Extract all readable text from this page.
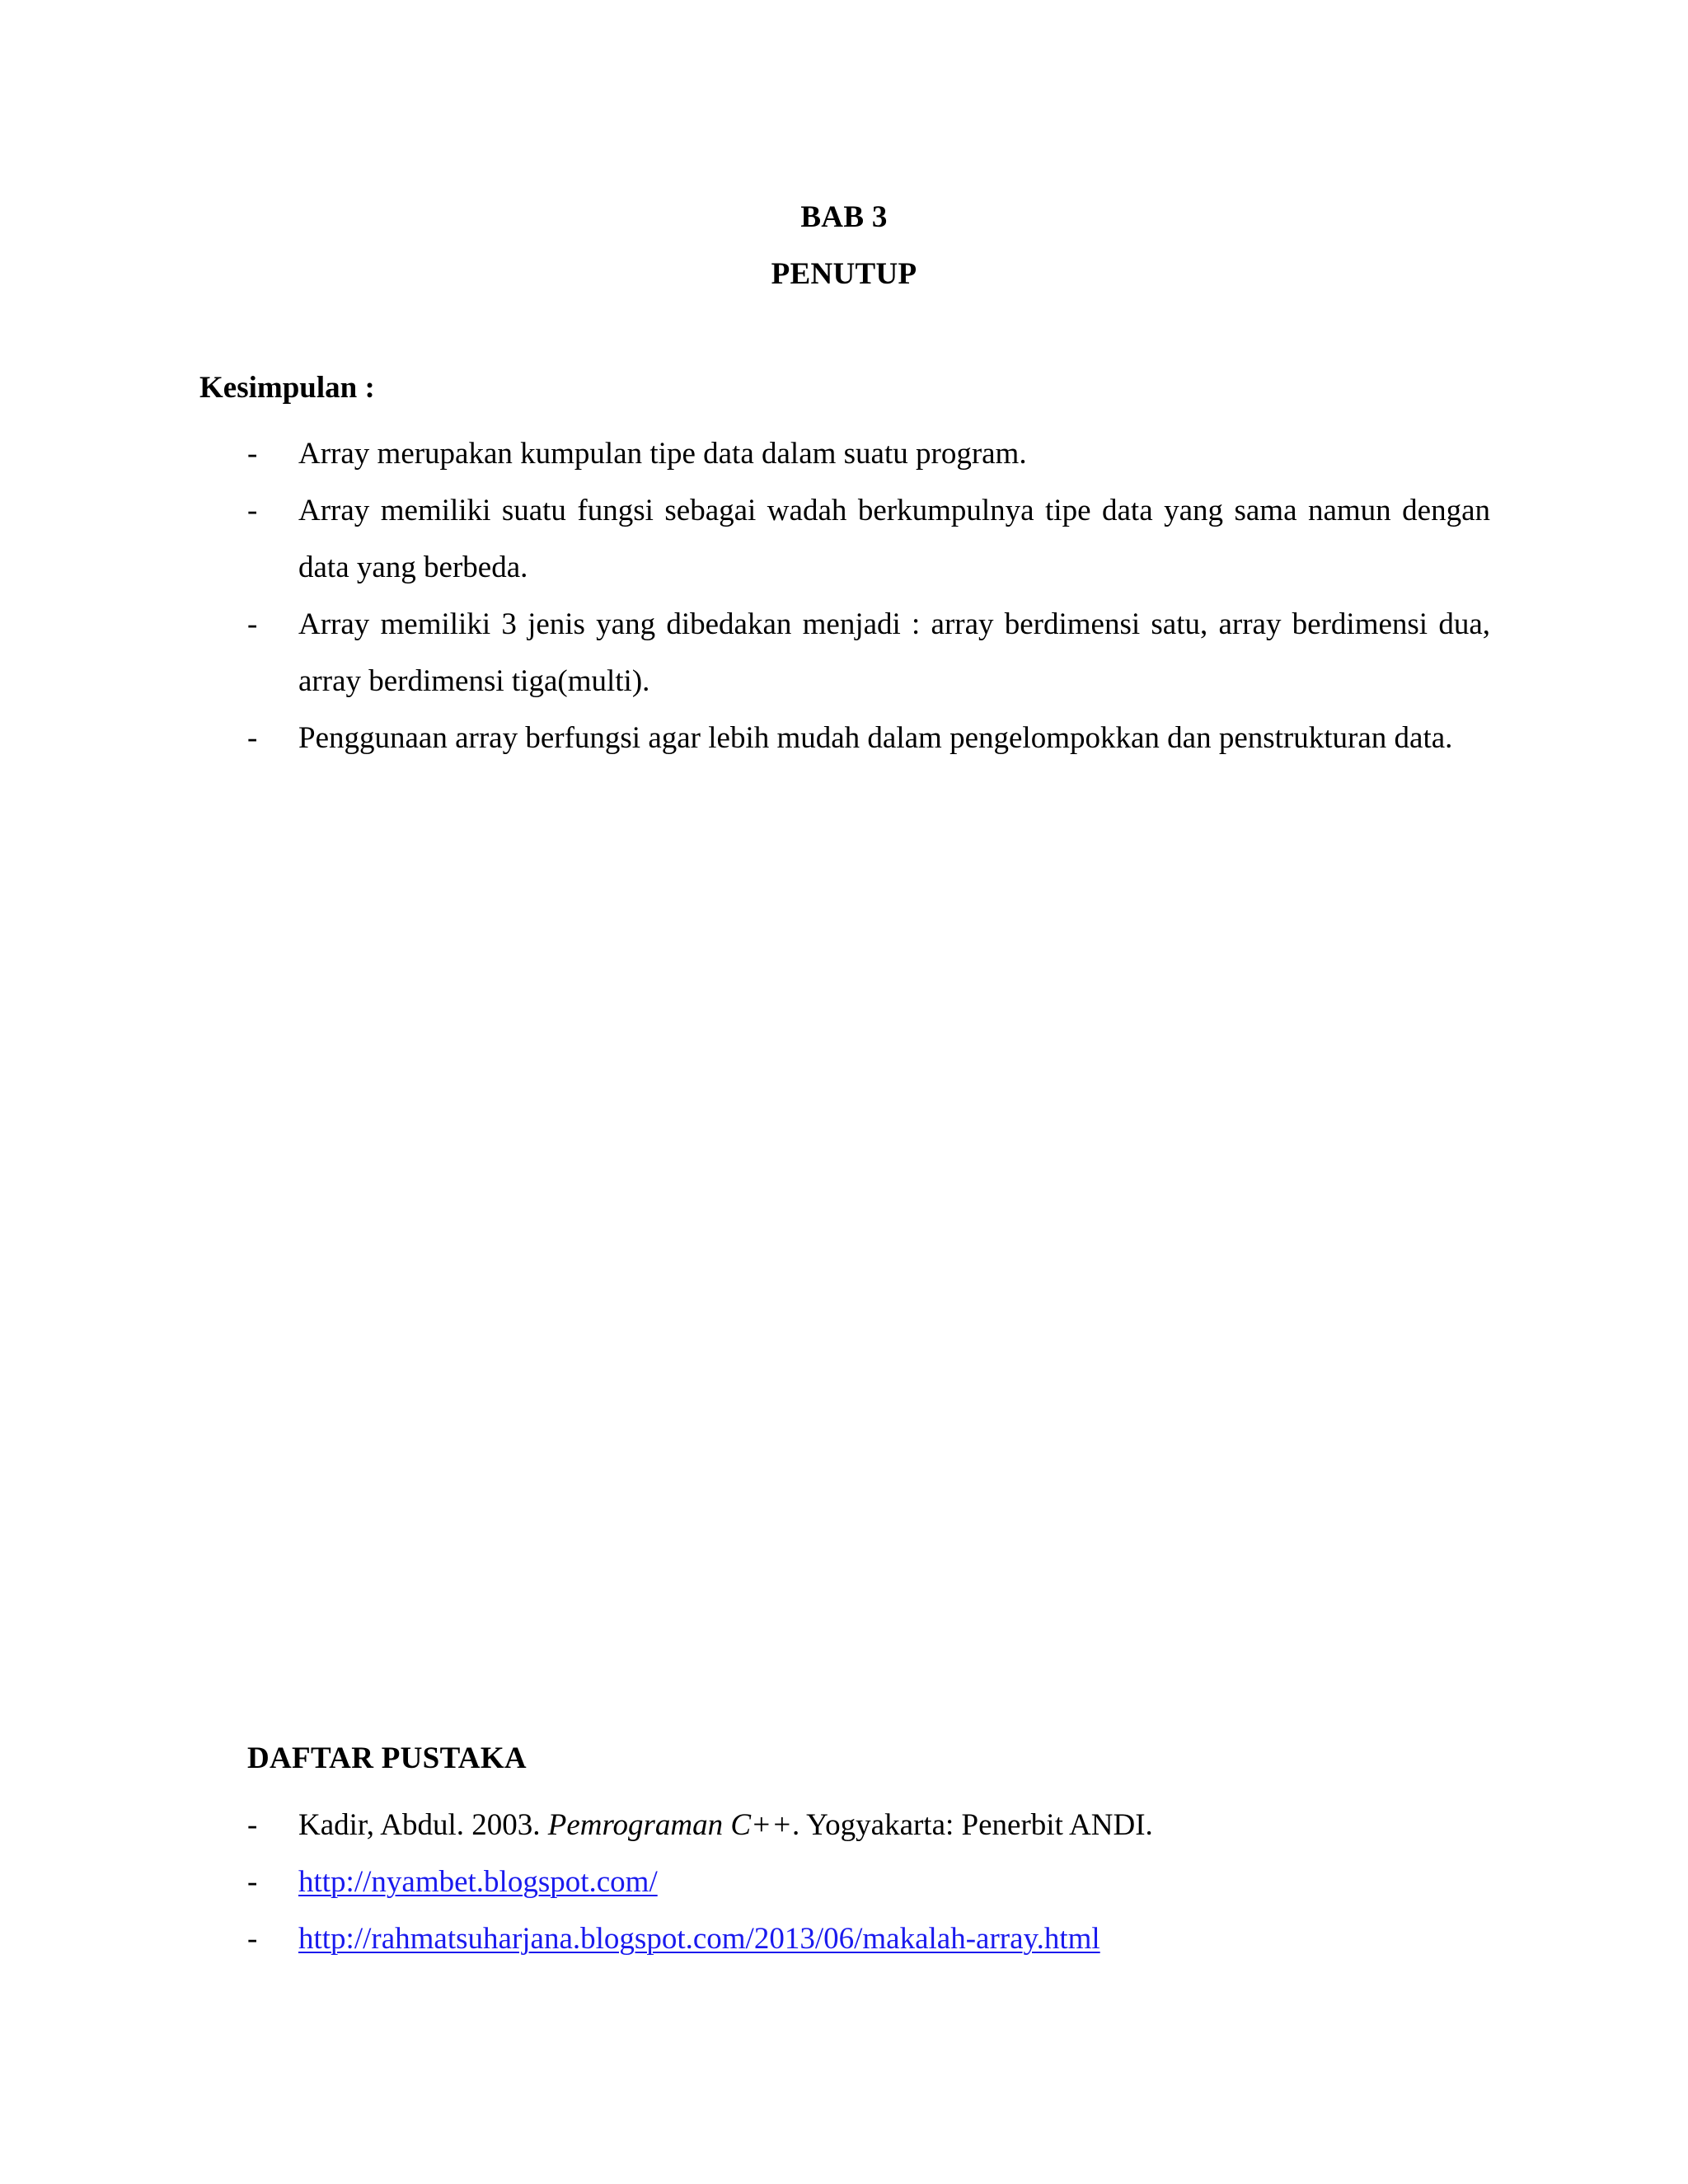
BAB 3
PENUTUP
Kesimpulan :
- Array merupakan kumpulan tipe data dalam suatu program.
- Array memiliki suatu fungsi sebagai wadah berkumpulnya tipe data yang sama namun dengan data yang berbeda.
- Array memiliki 3 jenis yang dibedakan menjadi : array berdimensi satu, array berdimensi dua, array berdimensi tiga(multi).
- Penggunaan array berfungsi agar lebih mudah dalam pengelompokkan dan penstrukturan data.
DAFTAR PUSTAKA
- Kadir, Abdul. 2003. Pemrograman C++. Yogyakarta: Penerbit ANDI.
- http://nyambet.blogspot.com/
- http://rahmatsuharjana.blogspot.com/2013/06/makalah-array.html
